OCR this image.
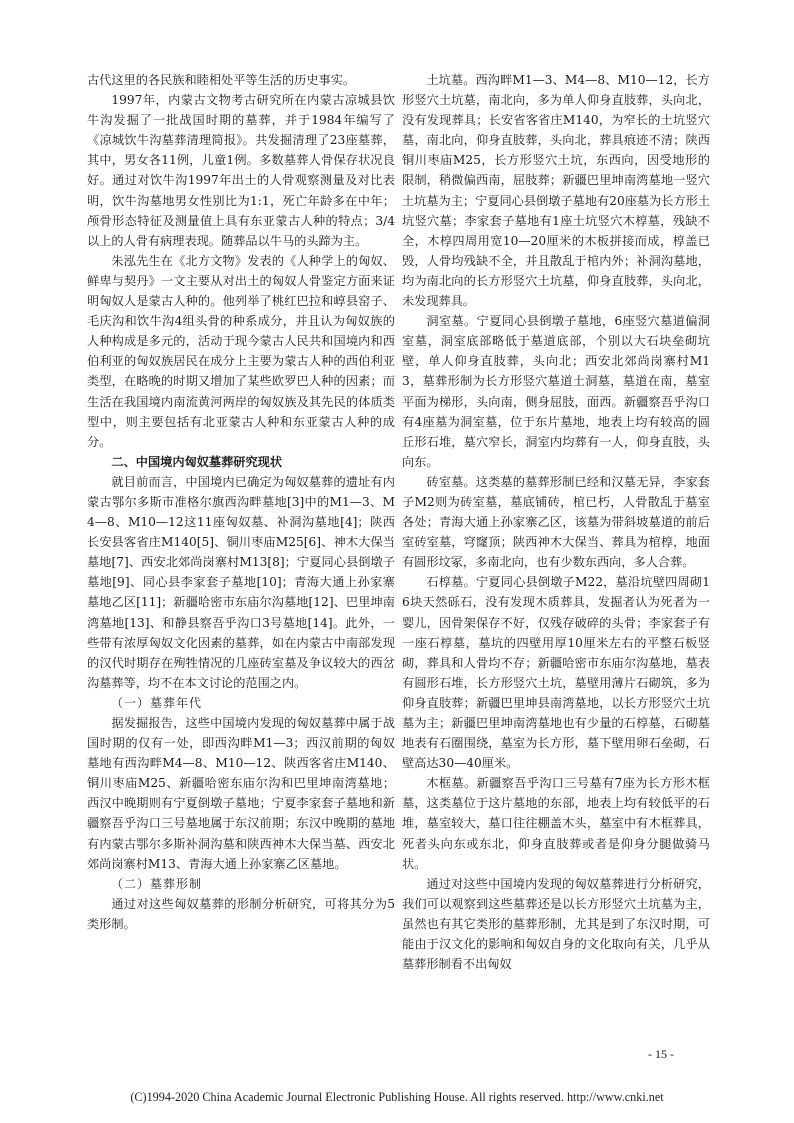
古代这里的各民族和睦相处平等生活的历史事实。

1997年，内蒙古文物考古研究所在内蒙古凉城县饮牛沟发掘了一批战国时期的墓葬，并于1984年编写了《凉城饮牛沟墓葬清理简报》。共发掘清理了23座墓葬，其中，男女各11例，儿童1例。多数墓葬人骨保存状况良好。通过对饮牛沟1997年出土的人骨观察测量及对比表明，饮牛沟墓地男女性别比为1:1，死亡年龄多在中年；颅骨形态特征及测量值上具有东亚蒙古人种的特点；3/4以上的人骨有病理表现。随葬品以牛马的头蹄为主。

朱泓先生在《北方文物》发表的《人种学上的匈奴、鲜卑与契丹》一文主要从对出土的匈奴人骨鉴定方面来证明匈奴人是蒙古人种的。他列举了桃红巴拉和崞县窑子、毛庆沟和饮牛沟4组头骨的种系成分，并且认为匈奴族的人种构成是多元的，活动于现今蒙古人民共和国境内和西伯利亚的匈奴族居民在成分上主要为蒙古人种的西伯利亚类型，在略晚的时期又增加了某些欧罗巴人种的因素；而生活在我国境内南流黄河两岸的匈奴族及其先民的体质类型中，则主要包括有北亚蒙古人种和东亚蒙古人种的成分。

二、中国境内匈奴墓葬研究现状

就目前而言，中国境内已确定为匈奴墓葬的遗址有内蒙古鄂尔多斯市准格尔旗西沟畔墓地[3]中的M1—3、M4—8、M10—12这11座匈奴墓、补洞沟墓地[4]；陕西长安县客省庄M140[5]、铜川枣庙M25[6]、神木大保当墓地[7]、西安北郊尚岗寨村M13[8]；宁夏同心县倒墩子墓地[9]、同心县李家套子墓地[10]；青海大通上孙家寨墓地乙区[11]；新疆哈密市东庙尔沟墓地[12]、巴里坤南湾墓地[13]、和静县察吾乎沟口3号墓地[14]。此外，一些带有浓厚匈奴文化因素的墓葬，如在内蒙古中南部发现的汉代时期存在殉牲情况的几座砖室墓及争议较大的西岔沟墓葬等，均不在本文讨论的范围之内。

（一）墓葬年代

据发掘报告，这些中国境内发现的匈奴墓葬中属于战国时期的仅有一处，即西沟畔M1—3；西汉前期的匈奴墓地有西沟畔M4—8、M10—12、陕西客省庄M140、铜川枣庙M25、新疆哈密东庙尔沟和巴里坤南湾墓地；西汉中晚期则有宁夏倒墩子墓地；宁夏李家套子墓地和新疆察吾乎沟口三号墓地属于东汉前期；东汉中晚期的墓地有内蒙古鄂尔多斯补洞沟墓和陕西神木大保当墓、西安北郊尚岗寨村M13、青海大通上孙家寨乙区墓地。

（二）墓葬形制

通过对这些匈奴墓葬的形制分析研究，可将其分为5类形制。

土坑墓。西沟畔M1—3、M4—8、M10—12，长方形竖穴土坑墓，南北向，多为单人仰身直肢葬，头向北，没有发现葬具；长安省客省庄M140，为窄长的土坑竖穴墓，南北向，仰身直肢葬，头向北，葬具痕迹不清；陕西铜川枣庙M25，长方形竖穴土坑，东西向，因受地形的限制，稍微偏西南，屈肢葬；新疆巴里坤南湾墓地一竖穴土坑墓为主；宁夏同心县倒墩子墓地有20座墓为长方形土坑竖穴墓；李家套子墓地有1座土坑竖穴木椁墓，残缺不全，木椁四周用宽10—20厘米的木板拼接而成，椁盖已毁，人骨均残缺不全，并且散乱于棺内外；补洞沟墓地，均为南北向的长方形竖穴土坑墓，仰身直肢葬，头向北，未发现葬具。

洞室墓。宁夏同心县倒墩子墓地，6座竖穴墓道偏洞室墓，洞室底部略低于墓道底部，个别以大石块垒砌坑壁，单人仰身直肢葬，头向北；西安北郊尚岗寨村M13，墓葬形制为长方形竖穴墓道土洞墓，墓道在南，墓室平面为梯形，头向南，侧身屈肢，面西。新疆察吾乎沟口有4座墓为洞室墓，位于东片墓地，地表上均有较高的圆丘形石堆，墓穴窄长，洞室内均葬有一人，仰身直肢，头向东。

砖室墓。这类墓的墓葬形制已经和汉墓无异，李家套子M2则为砖室墓，墓底铺砖，棺已朽，人骨散乱于墓室各处；青海大通上孙家寨乙区，该墓为带斜坡墓道的前后室砖室墓，穹窿顶；陕西神木大保当、葬具为棺椁，地面有圆形坟冢，多南北向，也有少数东西向，多人合葬。

石椁墓。宁夏同心县倒墩子M22，墓沿坑壁四周砌16块天然砾石，没有发现木质葬具，发掘者认为死者为一婴儿，因骨架保存不好，仅残存破碎的头骨；李家套子有一座石椁墓，墓坑的四壁用厚10厘米左右的平整石板竖砌，葬具和人骨均不存；新疆哈密市东庙尔沟墓地，墓表有圆形石堆，长方形竖穴土坑，墓壁用薄片石砌筑，多为仰身直肢葬；新疆巴里坤县南湾墓地，以长方形竖穴土坑墓为主；新疆巴里坤南湾墓地也有少量的石椁墓，石砌墓地表有石圈围绕，墓室为长方形，墓下壁用卵石垒砌，石壁高达30—40厘米。

木框墓。新疆察吾乎沟口三号墓有7座为长方形木框墓，这类墓位于这片墓地的东部，地表上均有较低平的石堆，墓室较大，墓口往往棚盖木头，墓室中有木框葬具，死者头向东或东北，仰身直肢葬或者是仰身分腿做骑马状。

通过对这些中国境内发现的匈奴墓葬进行分析研究，我们可以观察到这些墓葬还是以长方形竖穴土坑墓为主，虽然也有其它类形的墓葬形制，尤其是到了东汉时期，可能由于汉文化的影响和匈奴自身的文化取向有关，几乎从墓葬形制看不出匈奴

- 15 -
(C)1994-2020 China Academic Journal Electronic Publishing House. All rights reserved. http://www.cnki.net
